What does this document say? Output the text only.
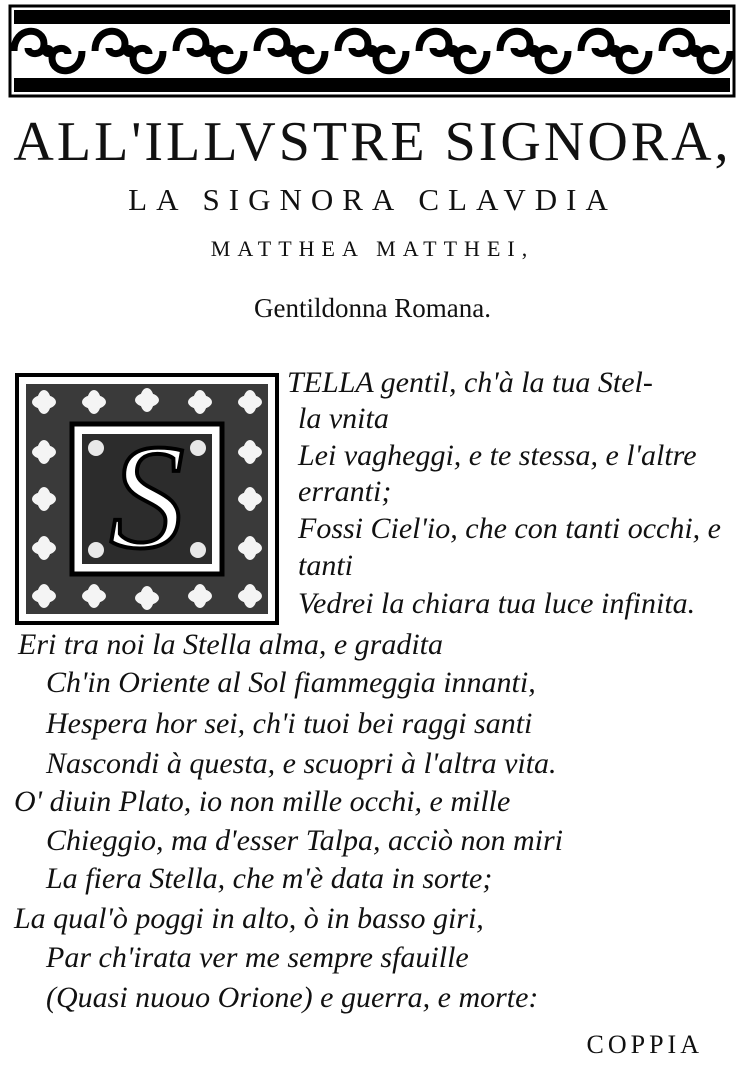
ALL'ILLVSTRE SIGNORA,
LA SIGNORA CLAVDIA
MATTHEA MATTHEI,

Gentildonna Romana.

S

TELLA gentil, ch'à la tua Stel-

la vnita

Lei vagheggi, e te stessa, e l'altre

erranti;

Fossi Ciel'io, che con tanti occhi, e

tanti

Vedrei la chiara tua luce infinita.

Eri tra noi la Stella alma, e gradita

Ch'in Oriente al Sol fiammeggia innanti,

Hespera hor sei, ch'i tuoi bei raggi santi

Nascondi à questa, e scuopri à l'altra vita.

O' diuin Plato, io non mille occhi, e mille

Chieggio, ma d'esser Talpa, acciò non miri

La fiera Stella, che m'è data in sorte;

La qual'ò poggi in alto, ò in basso giri,

Par ch'irata ver me sempre sfauille

(Quasi nuouo Orione) e guerra, e morte:

COPPIA
